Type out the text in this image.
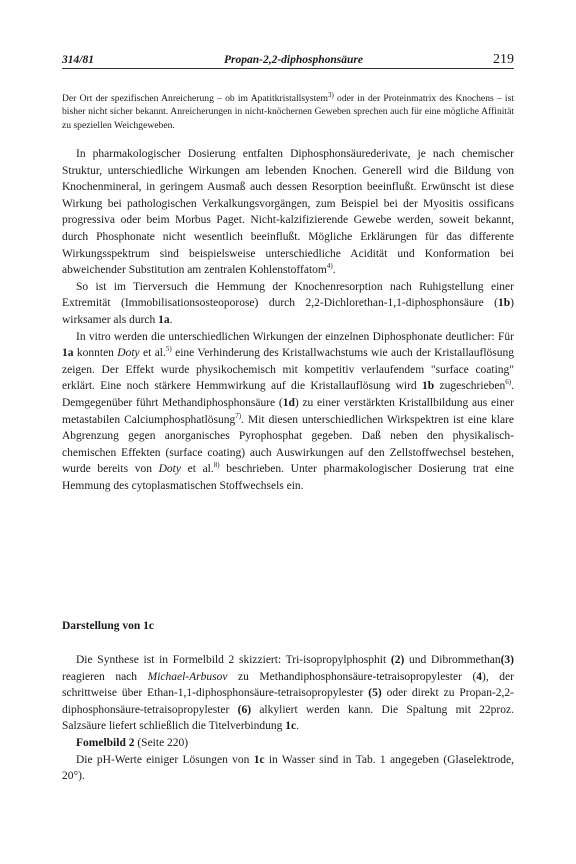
314/81	Propan-2,2-diphosphonsäure	219
Der Ort der spezifischen Anreicherung – ob im Apatitkristallsystem$^{3)}$ oder in der Proteinmatrix des Knochens – ist bisher nicht sicher bekannt. Anreicherungen in nicht-knöchernen Geweben sprechen auch für eine mögliche Affinität zu speziellen Weichgeweben.

In pharmakologischer Dosierung entfalten Diphosphonsäurederivate, je nach chemischer Struktur, unterschiedliche Wirkungen am lebenden Knochen. Generell wird die Bildung von Knochenmineral, in geringem Ausmaß auch dessen Resorption beeinflußt. Erwünscht ist diese Wirkung bei pathologischen Verkalkungsvorgängen, zum Beispiel bei der Myositis ossificans progressiva oder beim Morbus Paget. Nicht-kalzifizierende Gewebe werden, soweit bekannt, durch Phosphonate nicht wesentlich beeinflußt. Mögliche Erklärungen für das differente Wirkungsspektrum sind beispielsweise unterschiedliche Acidität und Konformation bei abweichender Substitution am zentralen Kohlenstoffatom$^{4)}$.

So ist im Tierversuch die Hemmung der Knochenresorption nach Ruhigstellung einer Extremität (Immobilisationsosteoporose) durch 2,2-Dichlorethan-1,1-diphosphonsäure (1b) wirksamer als durch 1a.

In vitro werden die unterschiedlichen Wirkungen der einzelnen Diphosphonate deutlicher: Für 1a konnten Doty et al.$^{5)}$ eine Verhinderung des Kristallwachstums wie auch der Kristallauflösung zeigen. Der Effekt wurde physikochemisch mit kompetitiv verlaufendem "surface coating" erklärt. Eine noch stärkere Hemmwirkung auf die Kristallauflösung wird 1b zugeschrieben$^{6)}$. Demgegenüber führt Methandiphosphonsäure (1d) zu einer verstärkten Kristallbildung aus einer metastabilen Calciumphosphatlösung$^{7)}$. Mit diesen unterschiedlichen Wirkspektren ist eine klare Abgrenzung gegen anorganisches Pyrophosphat gegeben. Daß neben den physikalisch-chemischen Effekten (surface coating) auch Auswirkungen auf den Zellstoffwechsel bestehen, wurde bereits von Doty et al.$^{8)}$ beschrieben. Unter pharmakologischer Dosierung trat eine Hemmung des cytoplasmatischen Stoffwechsels ein.

Darstellung von 1c

Die Synthese ist in Formelbild 2 skizziert: Tri-isopropylphosphit (2) und Dibrommethan(3) reagieren nach Michael-Arbusov zu Methandiphosphonsäure-tetraisopropylester (4), der schrittweise über Ethan-1,1-diphosphonsäure-tetraisopropylester (5) oder direkt zu Propan-2,2-diphosphonsäure-tetraisopropylester (6) alkyliert werden kann. Die Spaltung mit 22proz. Salzsäure liefert schließlich die Titelverbindung 1c.

Fomelbild 2 (Seite 220)

Die pH-Werte einiger Lösungen von 1c in Wasser sind in Tab. 1 angegeben (Glaselektrode, 20°).
